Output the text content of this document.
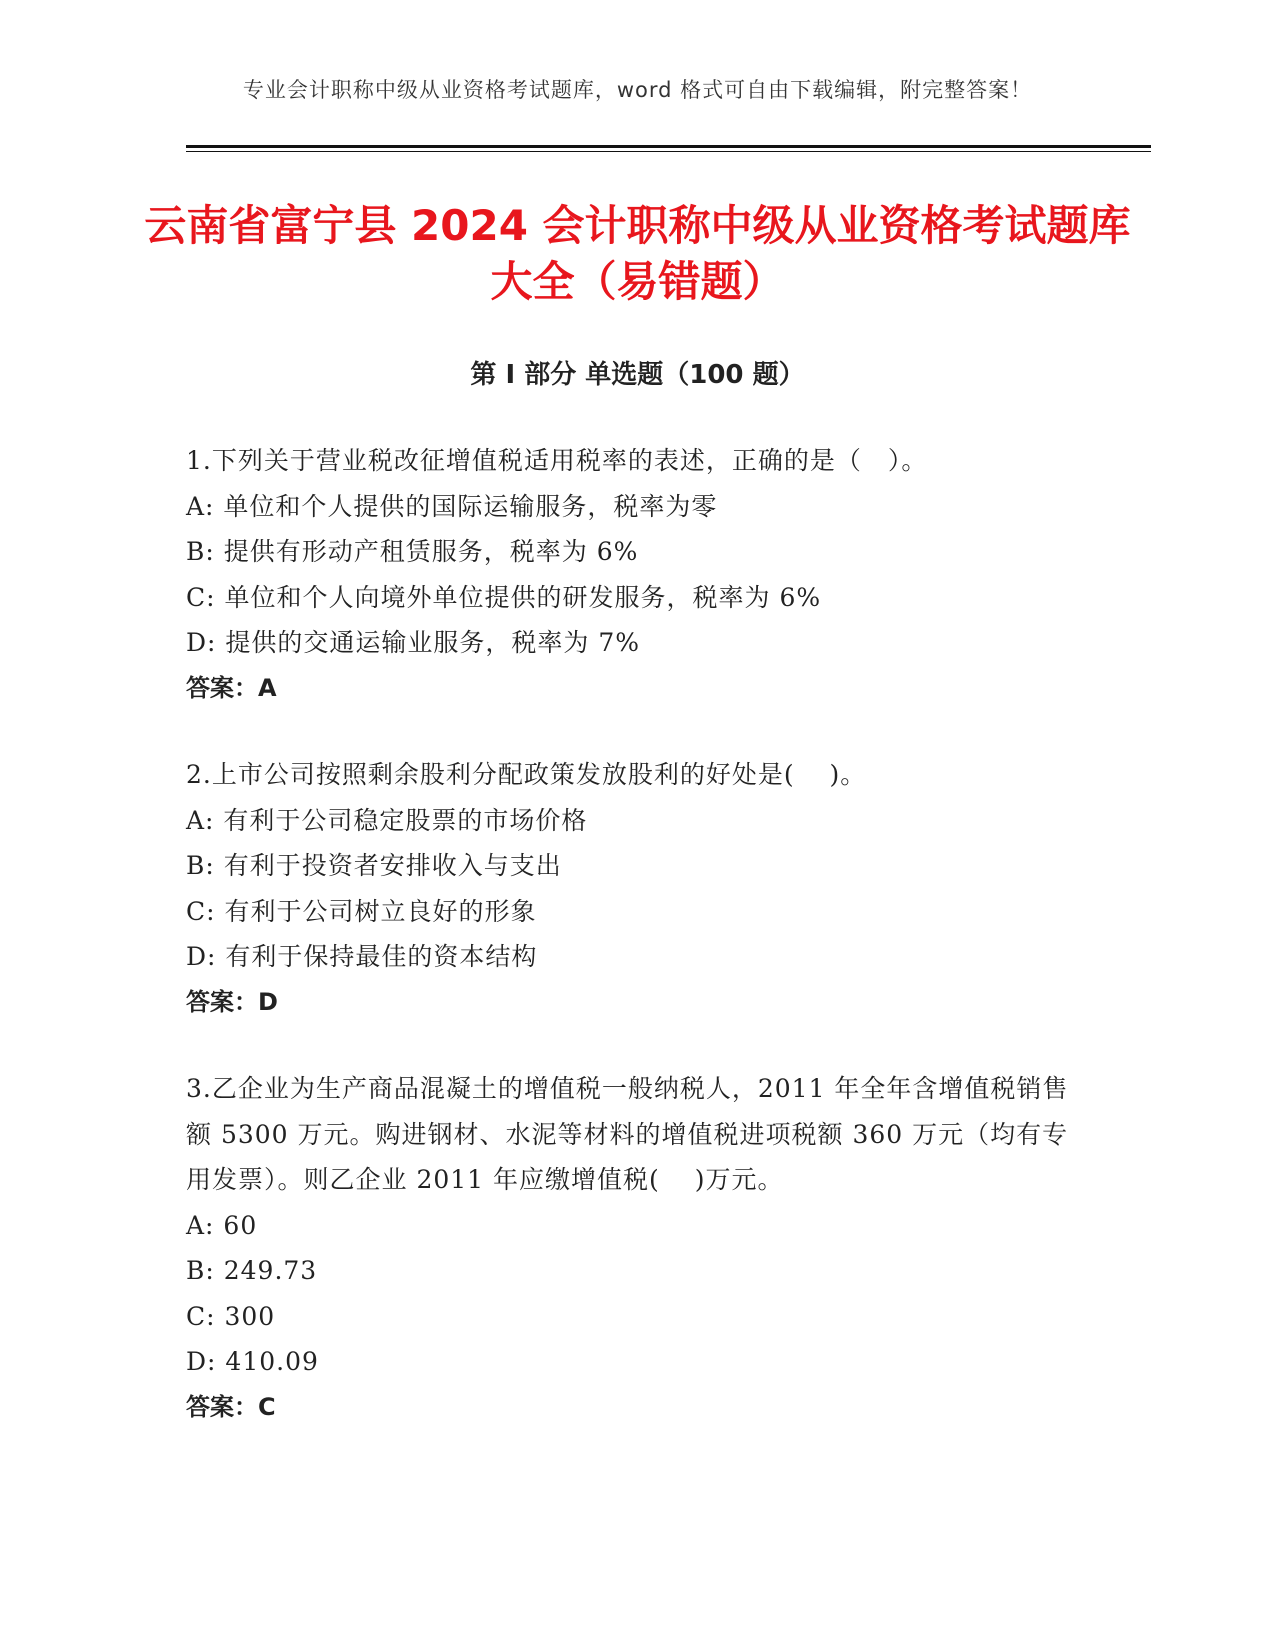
专业会计职称中级从业资格考试题库，word 格式可自由下载编辑，附完整答案！
云南省富宁县 2024 会计职称中级从业资格考试题库大全（易错题）
第 I 部分 单选题（100 题）
1.下列关于营业税改征增值税适用税率的表述，正确的是（　）。
A: 单位和个人提供的国际运输服务，税率为零
B: 提供有形动产租赁服务，税率为 6%
C: 单位和个人向境外单位提供的研发服务，税率为 6%
D: 提供的交通运输业服务，税率为 7%
答案：A
2.上市公司按照剩余股利分配政策发放股利的好处是(　 )。
A: 有利于公司稳定股票的市场价格
B: 有利于投资者安排收入与支出
C: 有利于公司树立良好的形象
D: 有利于保持最佳的资本结构
答案：D
3.乙企业为生产商品混凝土的增值税一般纳税人，2011 年全年含增值税销售额 5300 万元。购进钢材、水泥等材料的增值税进项税额 360 万元（均有专用发票）。则乙企业 2011 年应缴增值税(　 )万元。
A: 60
B: 249.73
C: 300
D: 410.09
答案：C
